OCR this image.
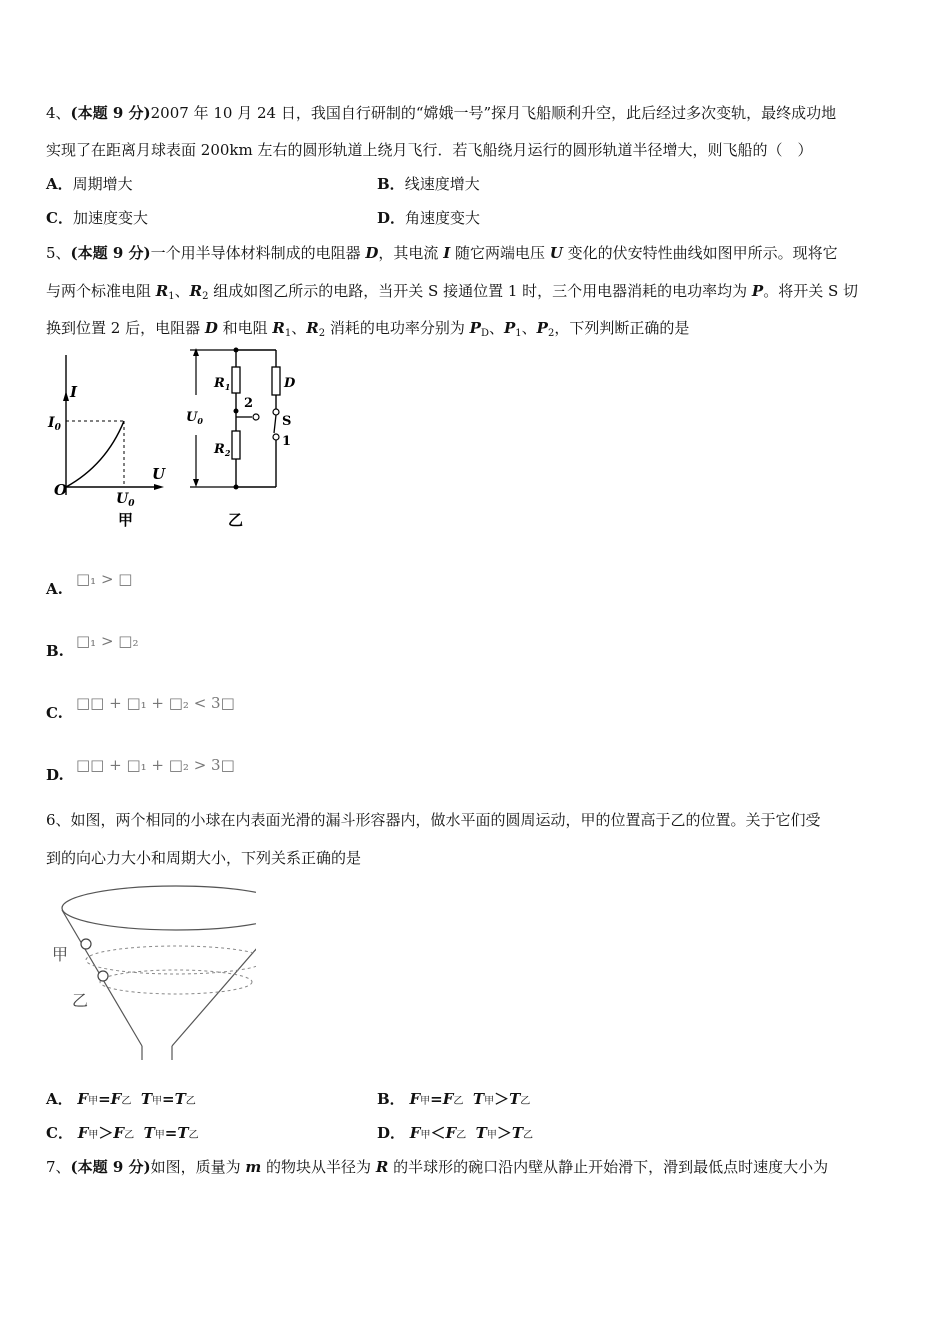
4、(本题 9 分)2007 年 10 月 24 日，我国自行研制的“嫦娥一号”探月飞船顺利升空，此后经过多次变轨，最终成功地
实现了在距离月球表面 200km 左右的圆形轨道上绕月飞行．若飞船绕月运行的圆形轨道半径增大，则飞船的（　）
A．周期增大	B．线速度增大
C．加速度变大	D．角速度变大
5、(本题 9 分)一个用半导体材料制成的电阻器 D，其电流 I 随它两端电压 U 变化的伏安特性曲线如图甲所示。现将它
与两个标准电阻 $R_1$、$R_2$ 组成如图乙所示的电路，当开关 S 接通位置 1 时，三个用电器消耗的电功率均为 P。将开关 S 切
换到位置 2 后，电阻器 D 和电阻 $R_1$、$R_2$ 消耗的电功率分别为 $P_D$、$P_1$、$P_2$，下列判断正确的是
I
$I_0$
O
U
$U_0$
甲
$U_0$
$R_1$
$R_2$
2
D
S
1
乙
A.□₁ > □
B.□₁ > □₂
C.□□ + □₁ + □₂ < 3□
D.□□ + □₁ + □₂ > 3□
6、如图，两个相同的小球在内表面光滑的漏斗形容器内，做水平面的圆周运动，甲的位置高于乙的位置。关于它们受
到的向心力大小和周期大小，下列关系正确的是
甲
乙
A． F甲=F乙 T甲=T乙	B． F甲=F乙 T甲＞T乙
C． F甲＞F乙 T甲=T乙	D． F甲＜F乙 T甲＞T乙
7、(本题 9 分)如图，质量为 m 的物块从半径为 R 的半球形的碗口沿内壁从静止开始滑下，滑到最低点时速度大小为
